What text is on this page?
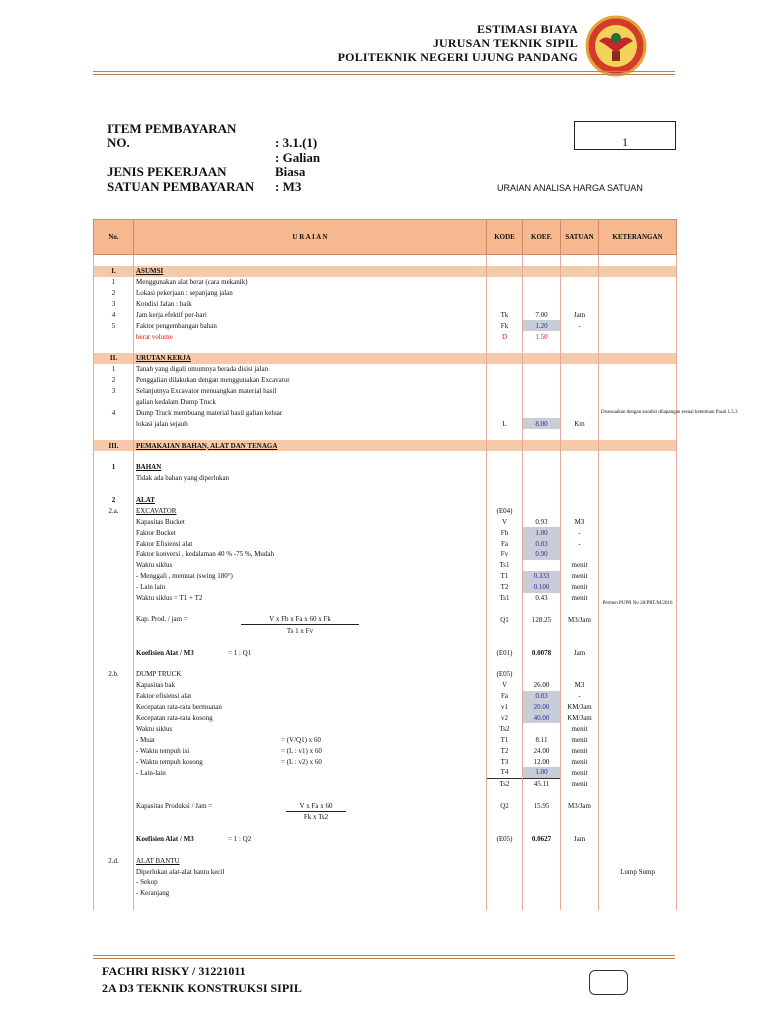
ESTIMASI BIAYA
JURUSAN TEKNIK SIPIL
POLITEKNIK NEGERI UJUNG PANDANG
ITEM PEMBAYARAN
NO.	: 3.1.(1)
: Galian
JENIS PEKERJAAN	Biasa
SATUAN PEMBAYARAN : M3
1
URAIAN ANALISA HARGA SATUAN
No.	U R A I A N	KODE	KOEF.	SATUAN	KETERANGAN

I.	ASUMSI				
1	Menggunakan alat berat (cara mekanik)				
2	Lokasi pekerjaan : sepanjang jalan				
3	Kondisi Jalan : baik				
4	Jam kerja efektif per-hari	Tk	7.00	Jam	
5	Faktor pengembangan bahan	Fk	1.20	-	
	berat volume	D	1.50		

II.	URUTAN KERJA				
1	Tanah yang digali umumnya berada disisi jalan				
2	Penggalian dilakukan dengan menggunakan Excavator				
3	Selanjutnya Excavator menuangkan material hasil				
	galian kedalam Dump Truck				Disesuaikan dengan kondisi dilapangan sesuai ketentuan Pasal 1.5.3
4	Dump Truck membuang material hasil galian keluar				
	lokasi jalan sejauh	L	8.00	Km	

III.	PEMAKAIAN BAHAN, ALAT DAN TENAGA				

1	BAHAN				
	Tidak ada bahan yang diperlukan				

2	ALAT				
2.a.	EXCAVATOR	(E04)			
	Kapasitas Bucket	V	0.93	M3	
	Faktor Bucket	Fb	1.00	-	
	Faktor Efisiensi alat	Fa	0.83	-	
	Faktor konversi , kedalaman 40 % -75 %, Mudah	Fv	0.90		
	Waktu siklus	Ts1		menit	
	- Menggali , memuat (swing 180°)	T1	0.333	menit	
	- Lain lain	T2	0.100	menit	
	Waktu siklus = T1 + T2	Ts1	0.43	menit	Permen PUPR No 28/PRT/M/2016

	Kap. Prod. / jam = V x Fb x Fa x 60 x Fk	Q1	128.25	M3/Jam	
	Ts 1 x Fv				

	Koefisien Alat / M3 = 1 : Q1	(E01)	0.0078	Jam	

2.b.	DUMP TRUCK	(E05)			
	Kapasitas bak	V	26.00	M3	
	Faktor efisiensi alat	Fa	0.83	-	
	Kecepatan rata-rata bermuatan	v1	20.00	KM/Jam	
	Kecepatan rata-rata kosong	v2	40.00	KM/Jam	
	Waktu siklus	Ts2		menit	
	- Muat = (V/Q1) x 60	T1	8.11	menit	
	- Waktu tempuh isi = (L : v1) x 60	T2	24.00	menit	
	- Waktu tempuh kosong = (L : v2) x 60	T3	12.00	menit	
	- Lain-lain	T4	1.00	menit	
		Ts2	45.11	menit	

	Kapasitas Produksi / Jam = V x Fa x 60	Q2	15.95	M3/Jam	
	Fk x Ts2				

	Koefisien Alat / M3 = 1 : Q2	(E05)	0.0627	Jam	

2.d.	ALAT BANTU				
	Diperlukan alat-alat bantu kecil				Lump Sump
	- Sekop				
	- Keranjang				

FACHRI RISKY / 31221011
2A D3 TEKNIK KONSTRUKSI SIPIL
